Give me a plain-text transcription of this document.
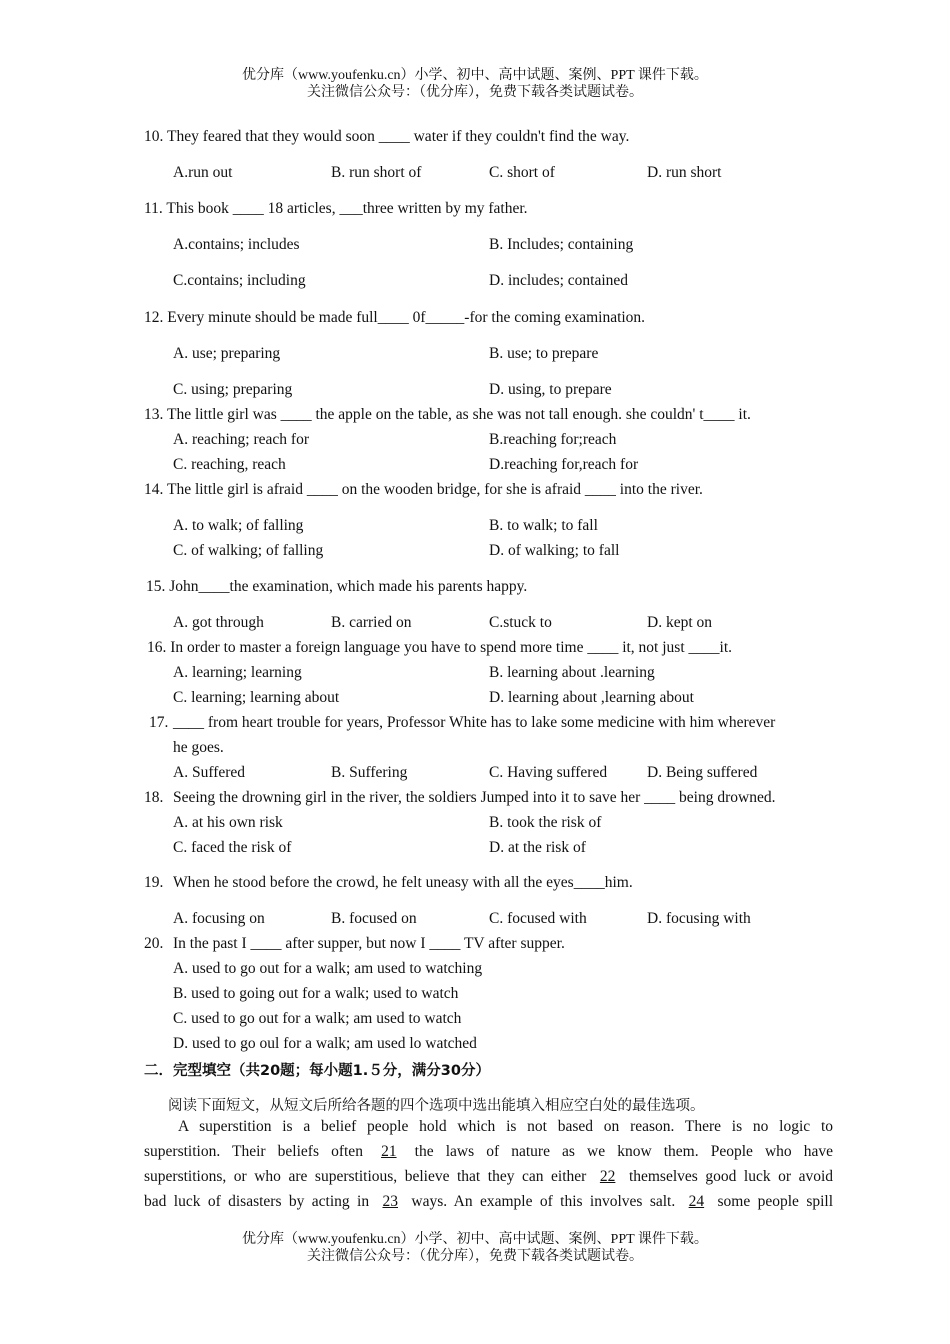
优分库（www.youfenku.cn）小学、初中、高中试题、案例、PPT 课件下载。
关注微信公众号：（优分库），免费下载各类试题试卷。
10. They feared that they would soon ____ water if they couldn't find the way.
A.run out	B. run short of	C. short of	D. run short
11. This book ____ 18 articles, ___three written by my father.
A.contains; includes	B. Includes; containing
C.contains; including	D. includes; contained
12. Every minute should be made full____ 0f_____-for the coming examination.
A. use; preparing	B. use; to prepare
C. using; preparing	D. using, to prepare
13. The little girl was ____ the apple on the table, as she was not tall enough. she couldn' t____ it.
A. reaching; reach for	B.reaching for;reach
C. reaching, reach	D.reaching for,reach for
14. The little girl is afraid ____ on the wooden bridge, for she is afraid ____ into the river.
A. to walk; of falling	B. to walk; to fall
C. of walking; of falling	D. of walking; to fall
15. John____the examination, which made his parents happy.
A. got through	B. carried on	C.stuck to	D. kept on
16. In order to master a foreign language you have to spend more time ____ it, not just ____it.
A. learning; learning	B. learning about .learning
C. learning; learning about	D. learning about ,learning about
17. ____ from heart trouble for years, Professor White has to lake some medicine with him wherever
he goes.
A. Suffered	B. Suffering	C. Having suffered	D. Being suffered
18. Seeing the drowning girl in the river, the soldiers Jumped into it to save her ____ being drowned.
A. at his own risk	B. took the risk of
C. faced the risk of	D. at the risk of
19. When he stood before the crowd, he felt uneasy with all the eyes____him.
A. focusing on	B. focused on	C. focused with	D. focusing with
20. In the past I ____ after supper, but now I ____ TV after supper.
A. used to go out for a walk; am used to watching
B. used to going out for a walk; used to watch
C. used to go out for a walk; am used to watch
D. used to go oul for a walk; am used lo watched
二．完型填空（共20题；每小题1.５分，满分30分）
阅读下面短文，从短文后所给各题的四个选项中选出能填入相应空白处的最佳选项。
A superstition is a belief people hold which is not based on reason. There is no logic to
superstition. Their beliefs often 21 the laws of nature as we know them. People who have
superstitions, or who are superstitious, believe that they can either 22 themselves good luck or avoid
bad luck of disasters by acting in 23 ways. An example of this involves salt. 24 some people spill
优分库（www.youfenku.cn）小学、初中、高中试题、案例、PPT 课件下载。
关注微信公众号：（优分库），免费下载各类试题试卷。
